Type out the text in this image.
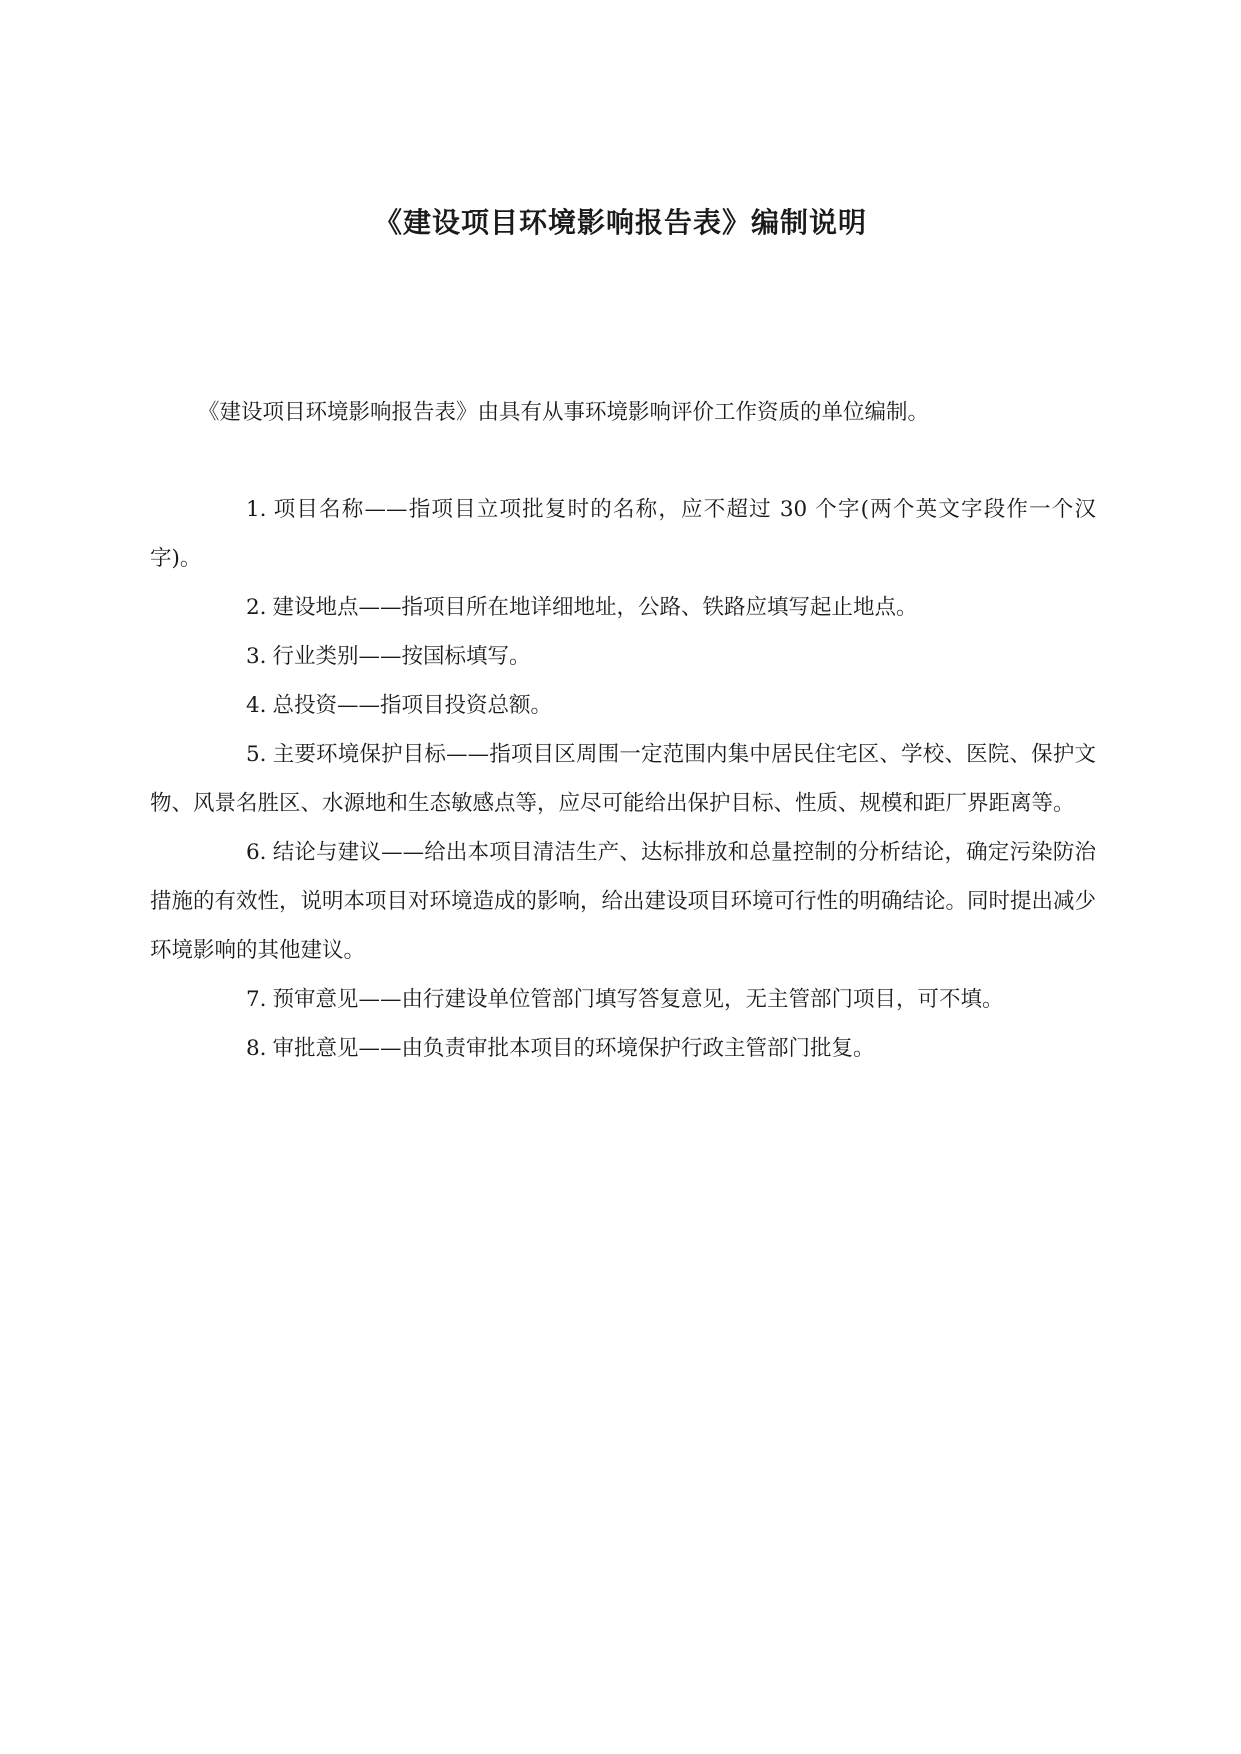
《建设项目环境影响报告表》编制说明
《建设项目环境影响报告表》由具有从事环境影响评价工作资质的单位编制。

1. 项目名称——指项目立项批复时的名称，应不超过 30 个字(两个英文字段作一个汉字)。

2. 建设地点——指项目所在地详细地址，公路、铁路应填写起止地点。

3. 行业类别——按国标填写。

4. 总投资——指项目投资总额。

5. 主要环境保护目标——指项目区周围一定范围内集中居民住宅区、学校、医院、保护文物、风景名胜区、水源地和生态敏感点等，应尽可能给出保护目标、性质、规模和距厂界距离等。

6. 结论与建议——给出本项目清洁生产、达标排放和总量控制的分析结论，确定污染防治措施的有效性，说明本项目对环境造成的影响，给出建设项目环境可行性的明确结论。同时提出减少环境影响的其他建议。

7. 预审意见——由行建设单位管部门填写答复意见，无主管部门项目，可不填。

8. 审批意见——由负责审批本项目的环境保护行政主管部门批复。
